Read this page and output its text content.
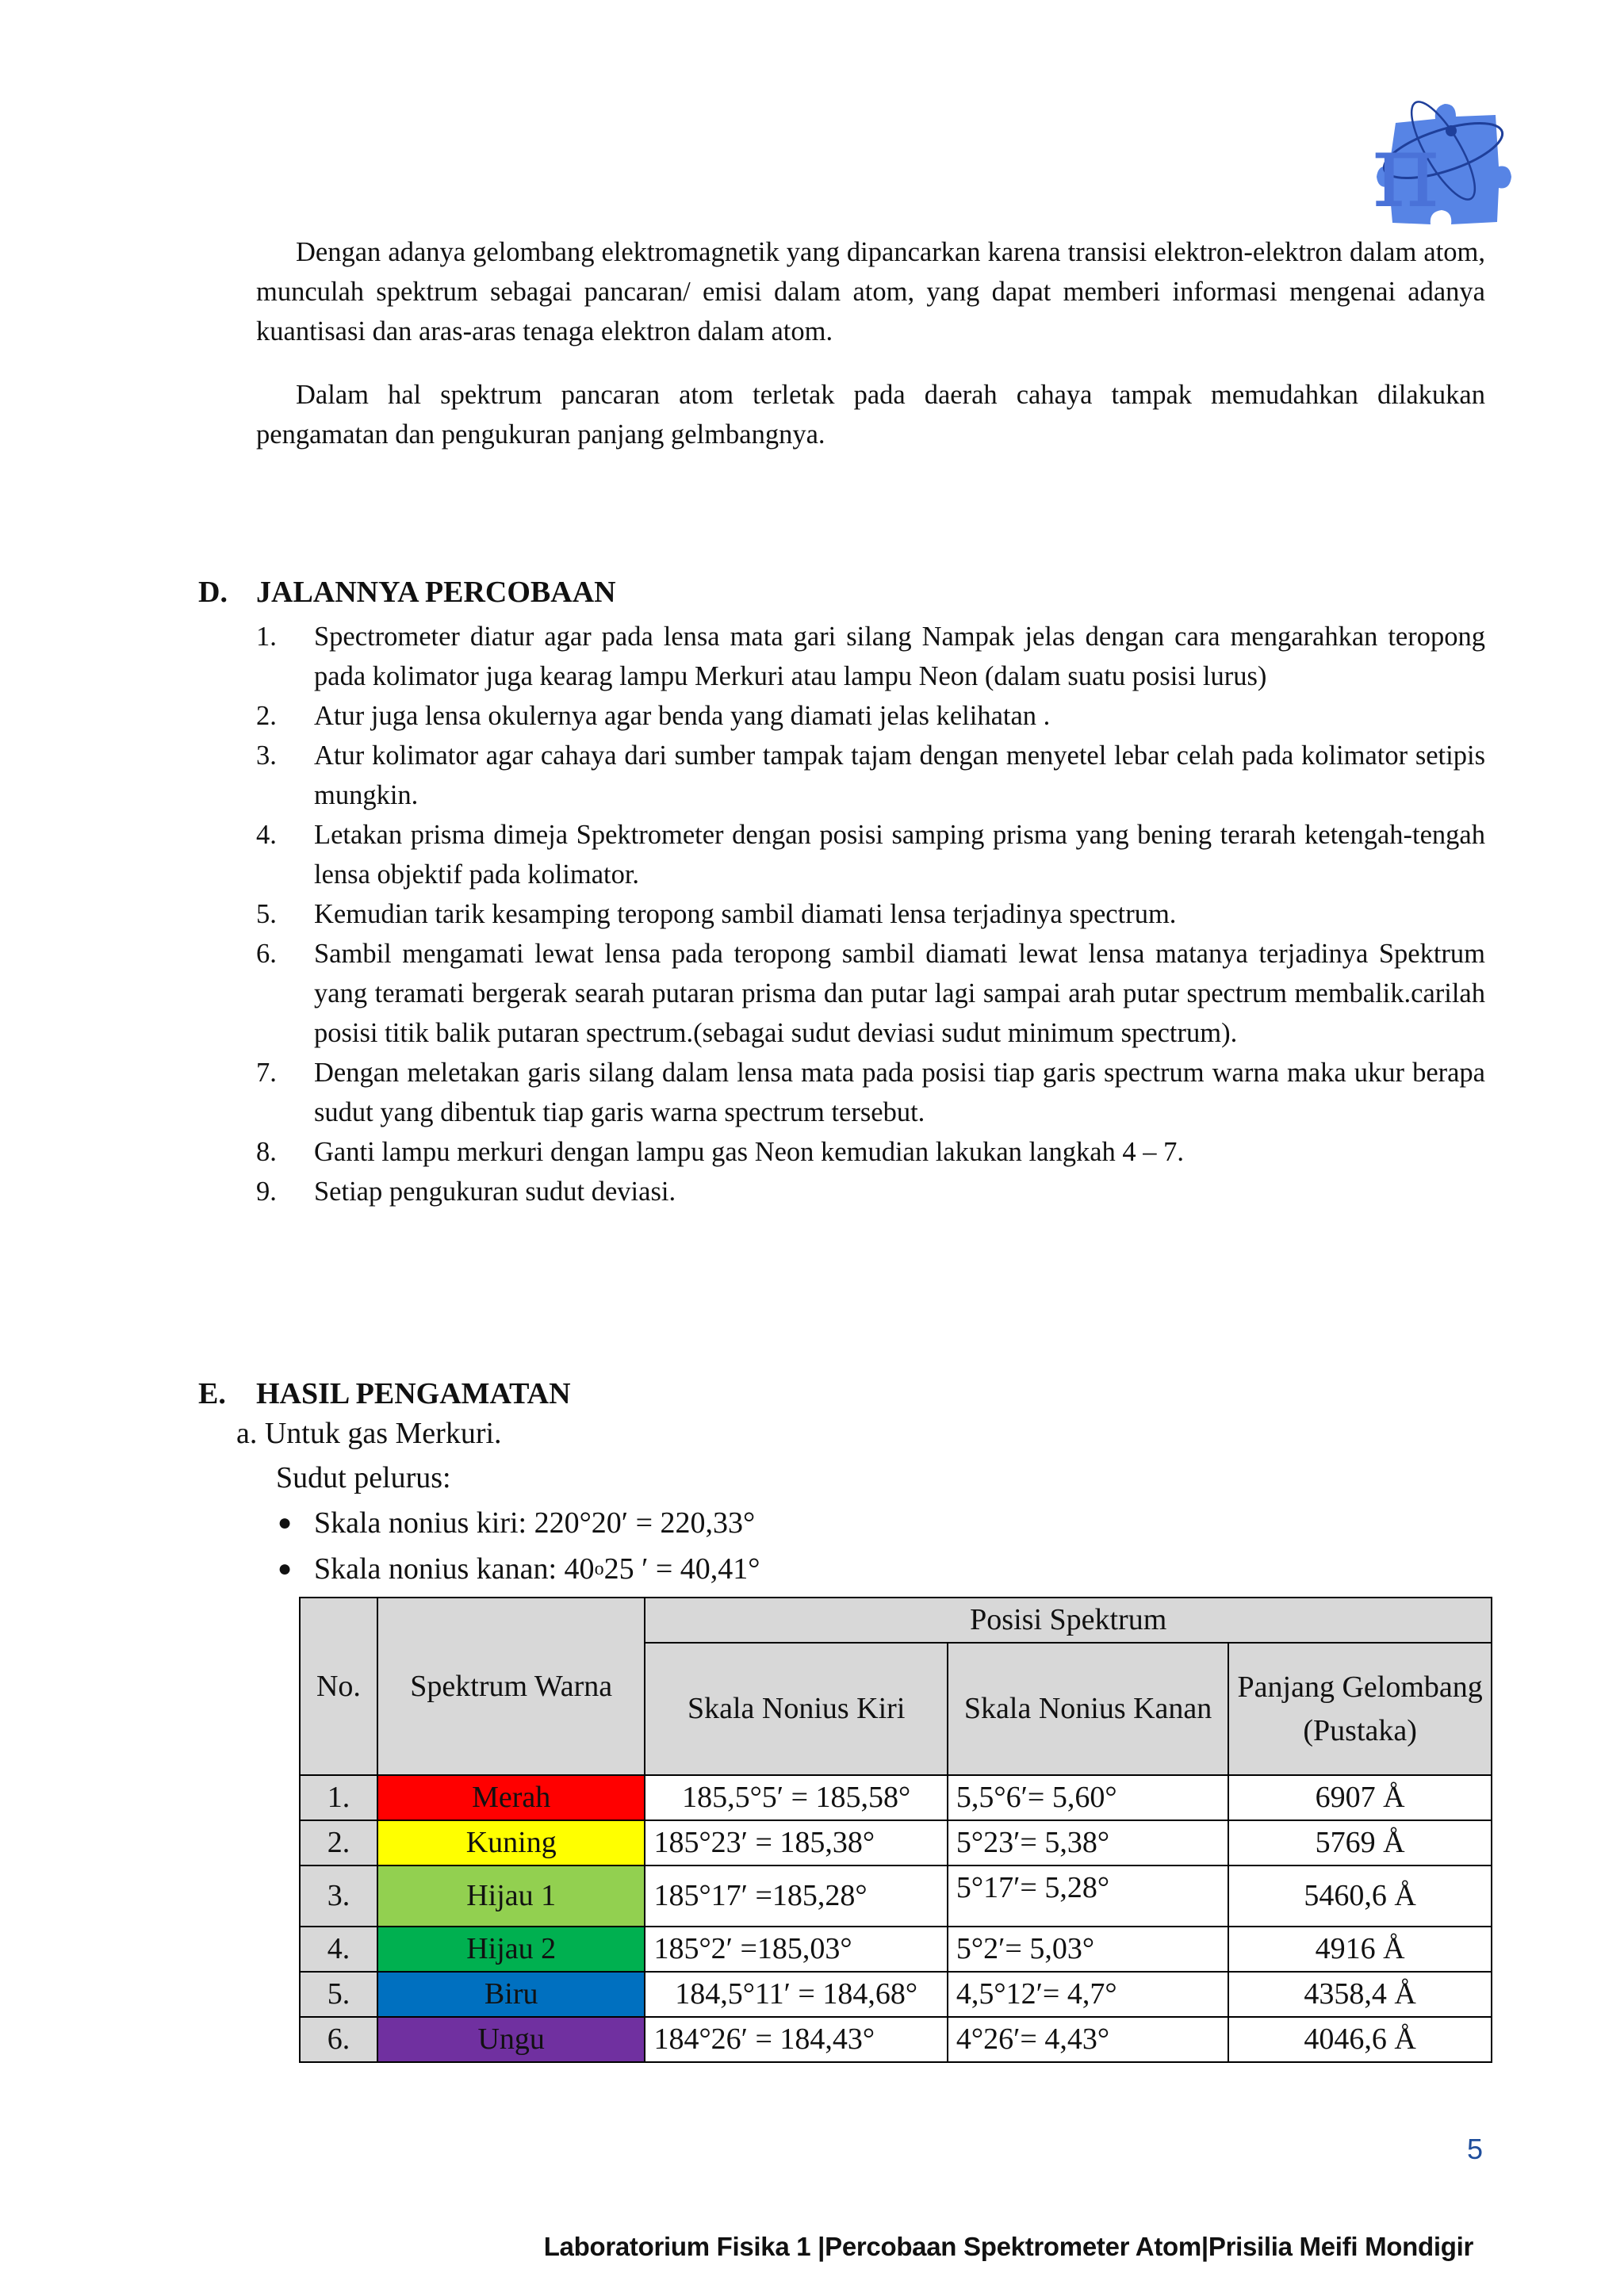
π

Dengan adanya gelombang elektromagnetik yang dipancarkan karena transisi elektron-elektron dalam atom, munculah spektrum sebagai pancaran/ emisi dalam atom, yang dapat memberi informasi mengenai adanya kuantisasi dan aras-aras tenaga elektron dalam atom.

Dalam hal spektrum pancaran atom terletak pada daerah cahaya tampak memudahkan dilakukan pengamatan dan pengukuran panjang gelmbangnya.

D. JALANNYA PERCOBAAN
1.	Spectrometer diatur agar pada lensa mata gari silang Nampak jelas dengan cara mengarahkan teropong pada kolimator juga kearag lampu Merkuri atau lampu Neon (dalam suatu posisi lurus)
2.	Atur juga lensa okulernya agar benda yang diamati jelas kelihatan .
3.	Atur kolimator agar cahaya dari sumber tampak tajam dengan menyetel lebar celah pada kolimator setipis mungkin.
4.	Letakan prisma dimeja Spektrometer dengan posisi samping prisma yang bening terarah ketengah-tengah lensa objektif pada kolimator.
5.	Kemudian tarik kesamping teropong sambil diamati lensa terjadinya spectrum.
6.	Sambil mengamati lewat lensa pada teropong sambil diamati lewat lensa matanya terjadinya Spektrum yang teramati bergerak searah putaran prisma dan putar lagi sampai arah putar spectrum membalik.carilah posisi titik balik putaran spectrum.(sebagai sudut deviasi sudut minimum spectrum).
7.	Dengan meletakan garis silang dalam lensa mata pada posisi tiap garis spectrum warna maka ukur berapa sudut yang dibentuk tiap garis warna spectrum tersebut.
8.	Ganti lampu merkuri dengan lampu gas Neon kemudian lakukan langkah 4 – 7.
9.	Setiap pengukuran sudut deviasi.
E. HASIL PENGAMATAN

a. Untuk gas Merkuri.

Sudut pelurus:

● Skala nonius kiri: 220°20′ = 220,33°
● Skala nonius kanan: 40 o 25 ′ = 40,41°
No.	Spektrum Warna	Posisi Spektrum		
		Skala Nonius Kiri	Skala Nonius Kanan	Panjang Gelombang (Pustaka)
1.	Merah	185,5°5′ = 185,58°	5,5°6′= 5,60°	6907 Å
2.	Kuning	185°23′ = 185,38°	5°23′= 5,38°	5769 Å
3.	Hijau 1	185°17′ =185,28°	5°17′= 5,28°	5460,6 Å
4.	Hijau 2	185°2′ =185,03°	5°2′= 5,03°	4916 Å
5.	Biru	184,5°11′ = 184,68°	4,5°12′= 4,7°	4358,4 Å
6.	Ungu	184°26′ = 184,43°	4°26′= 4,43°	4046,6 Å
5
Laboratorium Fisika 1 |Percobaan Spektrometer Atom|Prisilia Meifi Mondigir
